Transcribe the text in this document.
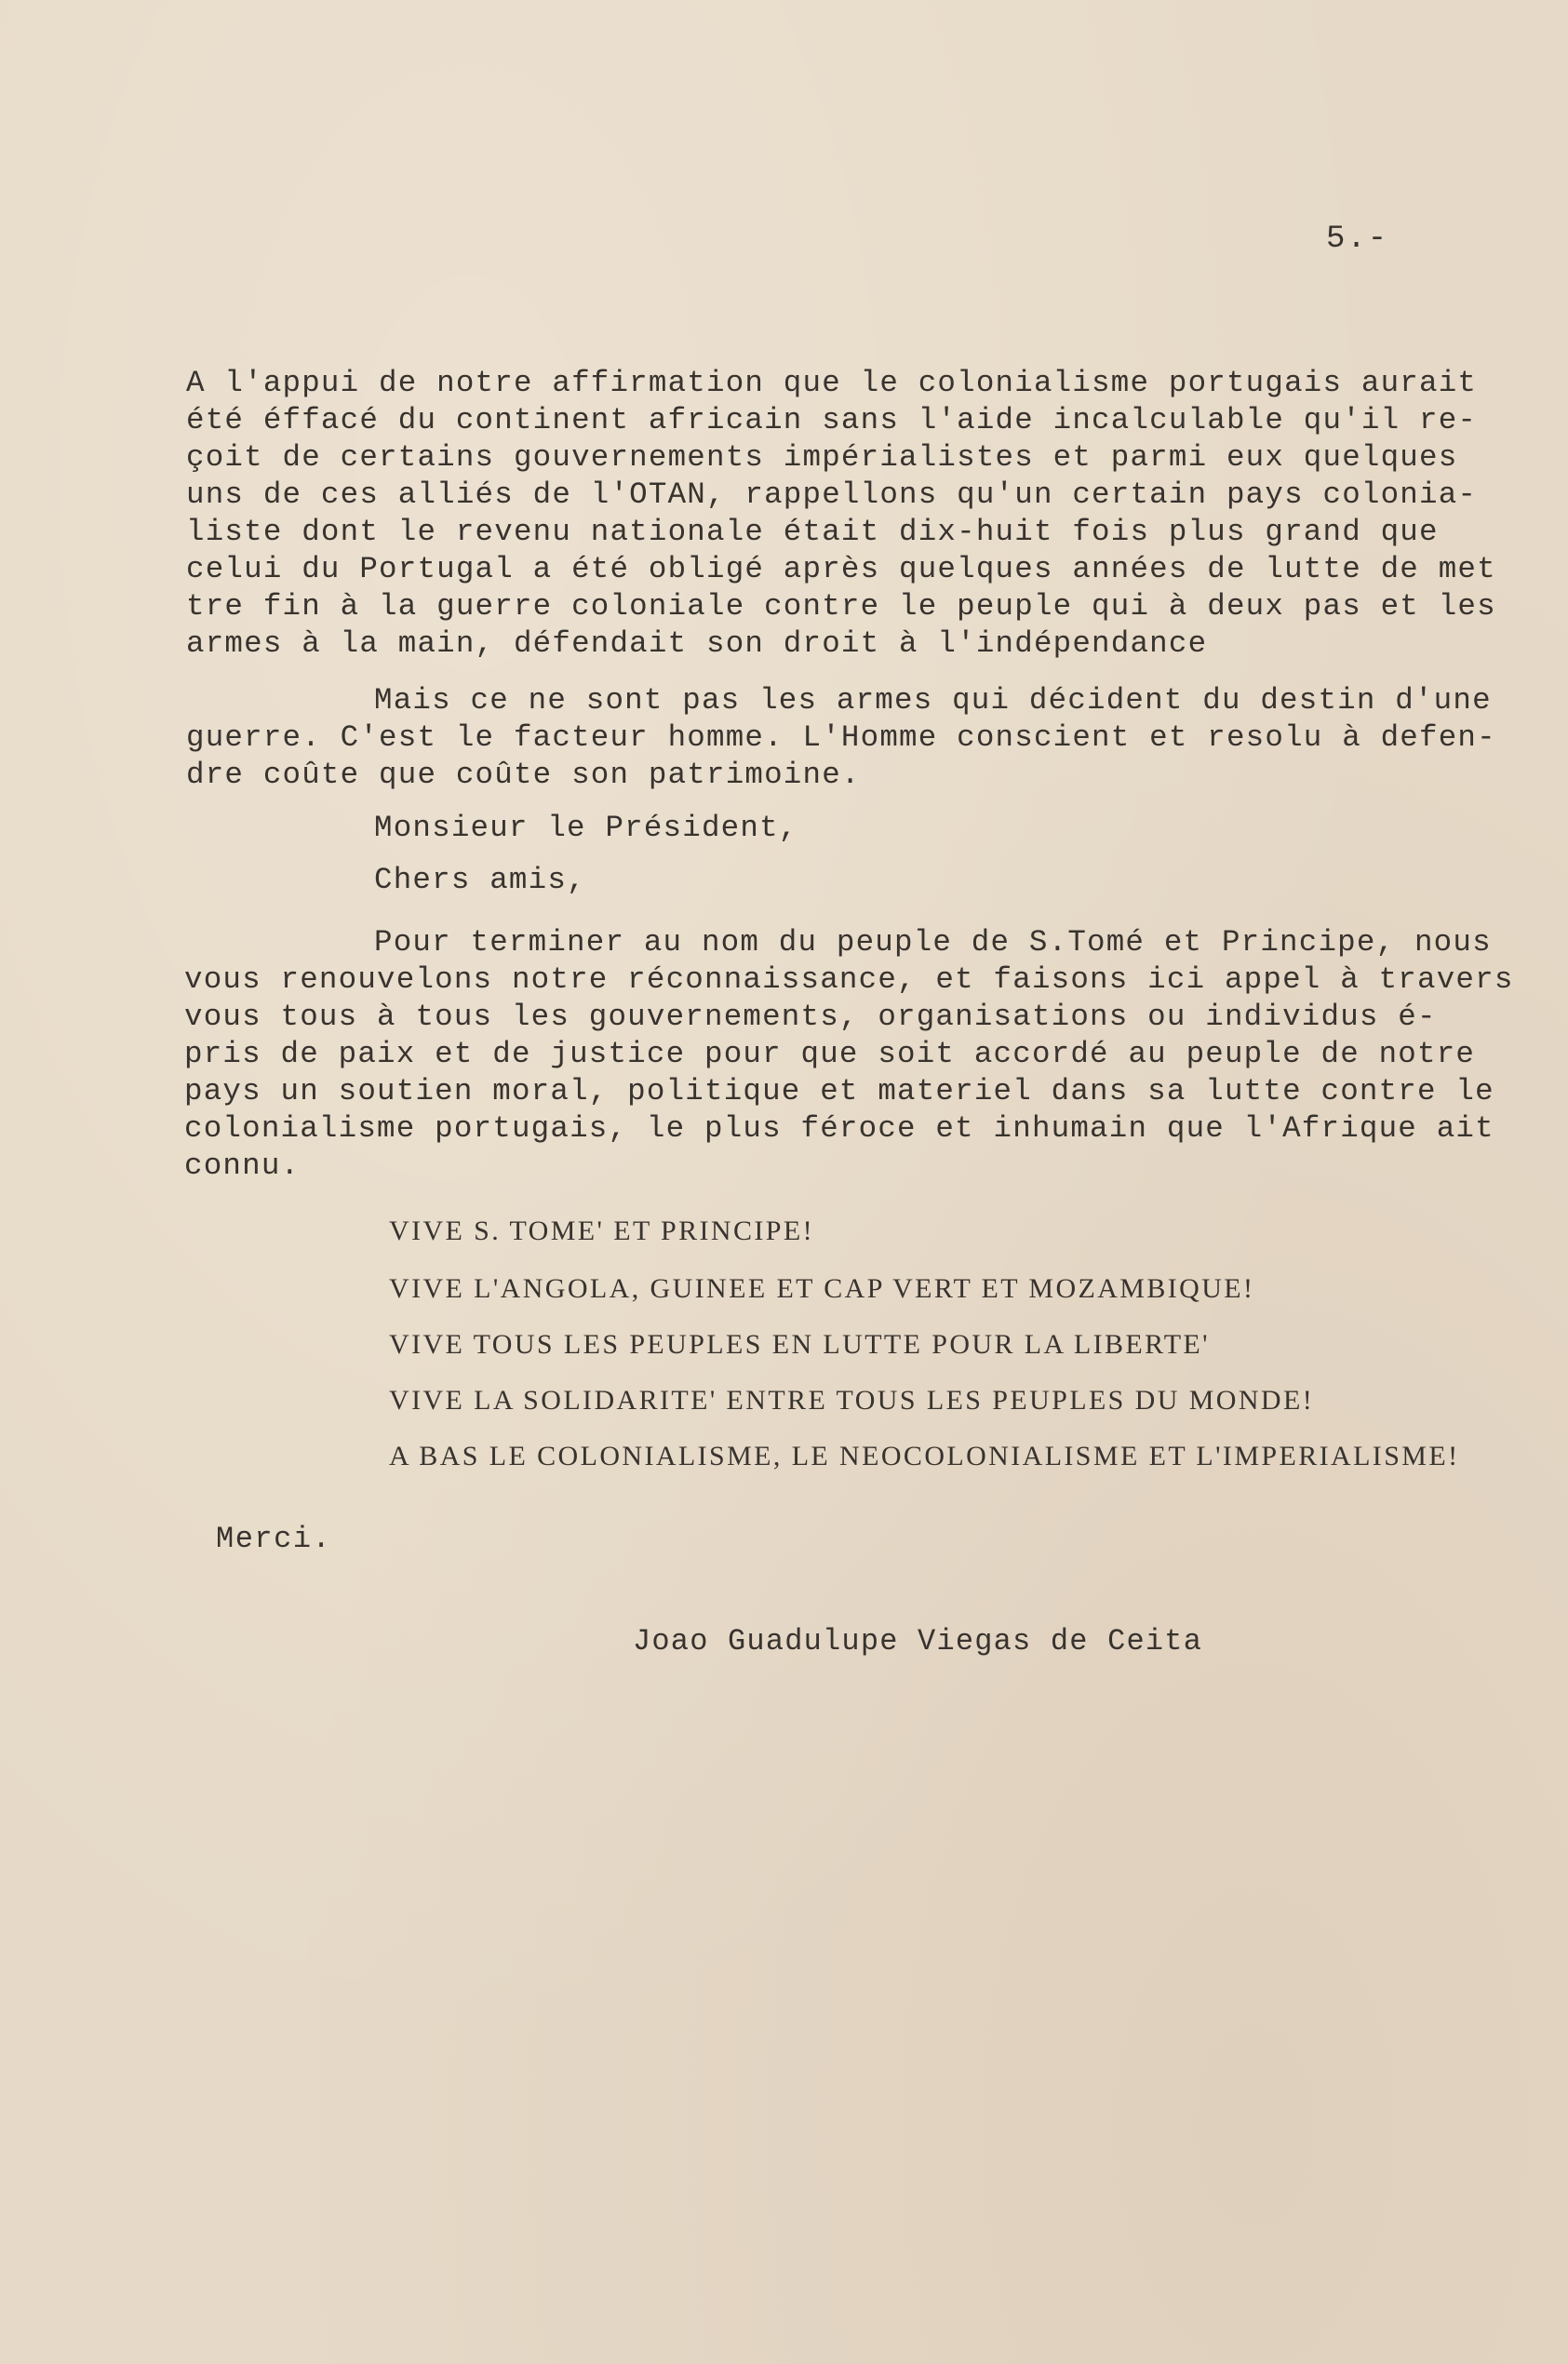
5.-
A l'appui de notre affirmation que le colonialisme portugais aurait
été éffacé du continent africain sans l'aide incalculable qu'il re-
çoit de certains gouvernements impérialistes et parmi eux quelques
uns de ces alliés de l'OTAN, rappellons qu'un certain pays colonia-
liste dont le revenu nationale était dix-huit fois plus grand que
celui du Portugal a été obligé après quelques années de lutte de met
tre fin à la guerre coloniale contre le peuple qui à deux pas et les
armes à la main, défendait son droit à l'indépendance
Mais ce ne sont pas les armes qui décident du destin d'une
guerre. C'est le facteur homme. L'Homme conscient et resolu à defen-
dre coûte que coûte son patrimoine.
Monsieur le Président,
Chers amis,
Pour terminer au nom du peuple de S.Tomé et Principe, nous
vous renouvelons notre réconnaissance, et faisons ici appel à travers
vous tous à tous les gouvernements, organisations ou individus é-
pris de paix et de justice pour que soit accordé au peuple de notre
pays un soutien moral, politique et materiel dans sa lutte contre le
colonialisme portugais, le plus féroce et inhumain que l'Afrique ait
connu.
VIVE S. TOME' ET PRINCIPE!
VIVE L'ANGOLA, GUINEE ET CAP VERT ET MOZAMBIQUE!
VIVE TOUS LES PEUPLES EN LUTTE POUR LA LIBERTE'
VIVE LA SOLIDARITE' ENTRE TOUS LES PEUPLES DU MONDE!
A BAS LE COLONIALISME, LE NEOCOLONIALISME ET L'IMPERIALISME!
Merci.
Joao Guadulupe Viegas de Ceita
